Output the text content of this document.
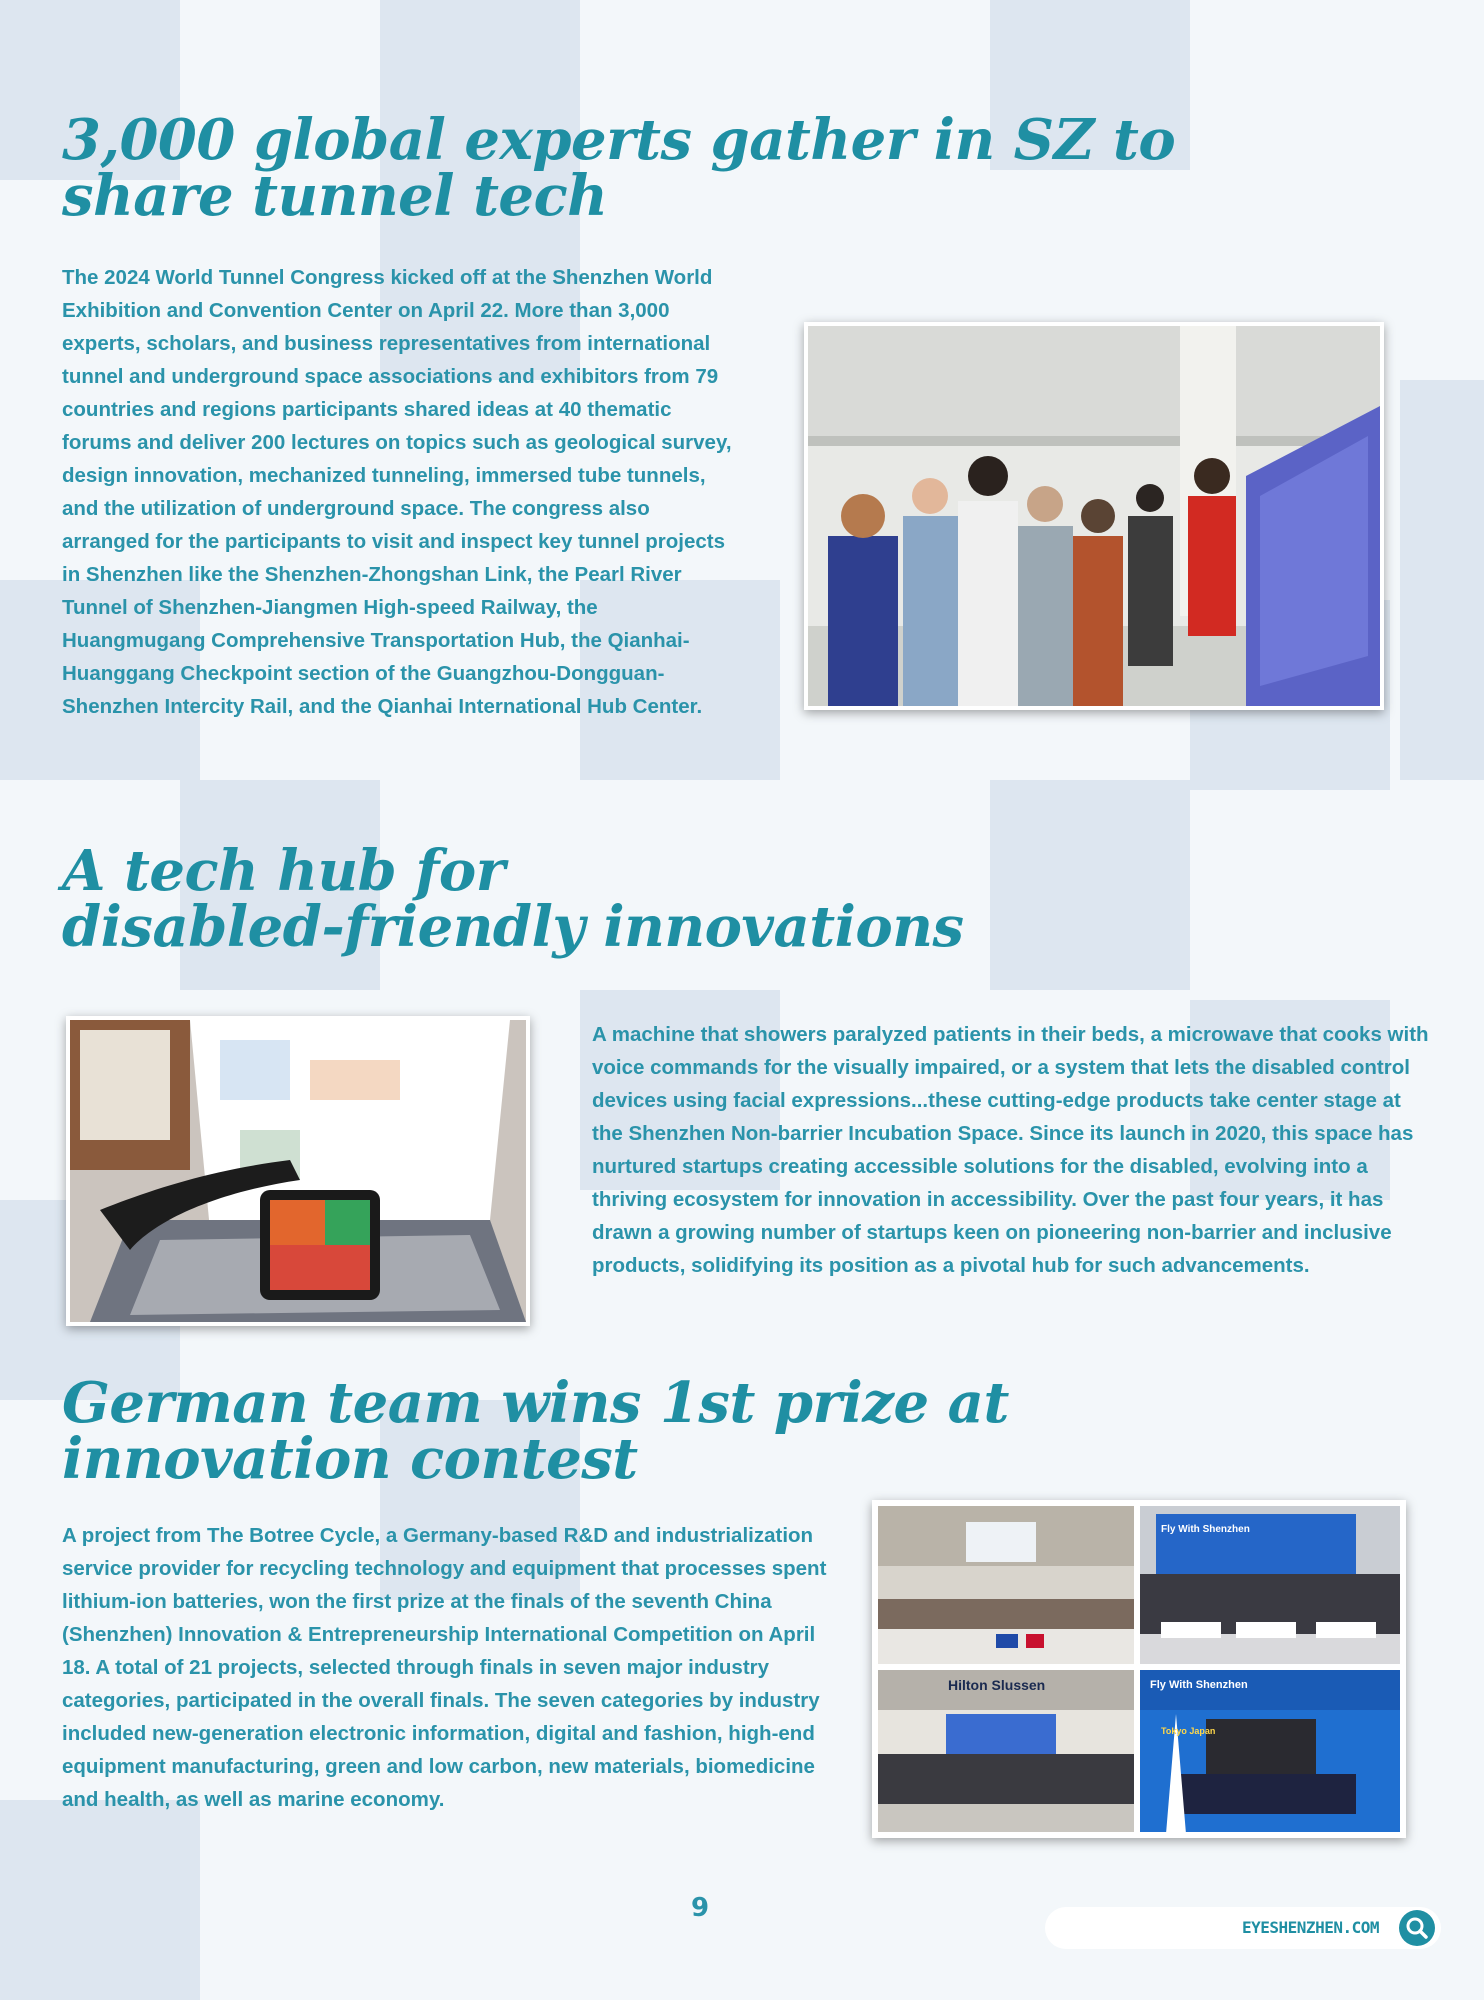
3,000 global experts gather in SZ to
share tunnel tech

The 2024 World Tunnel Congress kicked off at the Shenzhen World Exhibition and Convention Center on April 22. More than 3,000 experts, scholars, and business representatives from international tunnel and underground space associations and exhibitors from 79 countries and regions participants shared ideas at 40 thematic forums and deliver 200 lectures on topics such as geological survey, design innovation, mechanized tunneling, immersed tube tunnels, and the utilization of underground space. The congress also arranged for the participants to visit and inspect key tunnel projects in Shenzhen like the Shenzhen-Zhongshan Link, the Pearl River Tunnel of Shenzhen-Jiangmen High-speed Railway, the Huangmugang Comprehensive Transportation Hub, the Qianhai-Huanggang Checkpoint section of the Guangzhou-Dongguan-Shenzhen Intercity Rail, and the Qianhai International Hub Center.

A tech hub for
disabled-friendly innovations

A machine that showers paralyzed patients in their beds, a microwave that cooks with voice commands for the visually impaired, or a system that lets the disabled control devices using facial expressions...these cutting-edge products take center stage at the Shenzhen Non-barrier Incubation Space. Since its launch in 2020, this space has nurtured startups creating accessible solutions for the disabled, evolving into a thriving ecosystem for innovation in accessibility. Over the past four years, it has drawn a growing number of startups keen on pioneering non-barrier and inclusive products, solidifying its position as a pivotal hub for such advancements.

German team wins 1st prize at
innovation contest

A project from The Botree Cycle, a Germany-based R&D and industrialization service provider for recycling technology and equipment that processes spent lithium-ion batteries, won the first prize at the finals of the seventh China (Shenzhen) Innovation & Entrepreneurship International Competition on April 18. A total of 21 projects, selected through finals in seven major industry categories, participated in the overall finals. The seven categories by industry included new-generation electronic information, digital and fashion, high-end equipment manufacturing, green and low carbon, new materials, biomedicine and health, as well as marine economy.

Fly With Shenzhen
Hilton Slussen	Fly With Shenzhen
Tokyo Japan
9
EYESHENZHEN.COM
